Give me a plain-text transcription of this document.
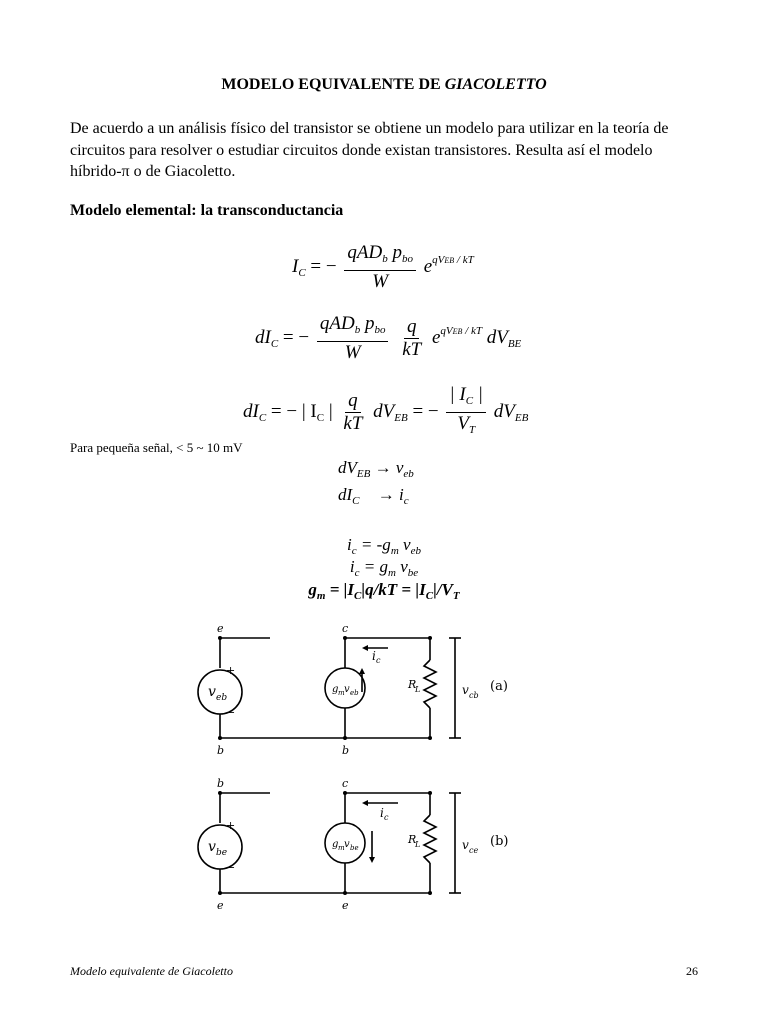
MODELO EQUIVALENTE DE GIACOLETTO
De acuerdo a un análisis físico del transistor se obtiene un modelo para utilizar en la teoría de circuitos para resolver o estudiar circuitos donde existan transistores. Resulta así el modelo híbrido-π o de Giacoletto.
Modelo elemental: la transconductancia
$I_C$ = − $\frac{qAD_b p_{bo}}{W} e^{qVEB / kT}$
$dI_C$ = − $\frac{qAD_b p_{bo}}{W}$
$\frac{q}{kT} e^{qVEB / kT}$ $dV_{BE}$
$dI_C$ = − | $I_C$ | $\frac{q}{kT} dV_{EB}$ = − $\frac{| I_C |}{V_T} dV_{EB}$
Para pequeña señal, < 5 ~ 10 mV
$dV_{EB} \to v_{eb}$
$dI_C \to i_c$
$i_c = -g_m$ $v_{eb}$
$i_c = g_m$ $v_{be}$
$g_m = |I_C|q/kT = |I_C|/V_T$
e
b
c
b
+
−
v eb
g m v eb
i c
R
L	v cb
(a)
b
e
c
e
+
−
v be
g m v be
i c
R
L	v ce
(b)
Modelo equivalente de Giacoletto	26
